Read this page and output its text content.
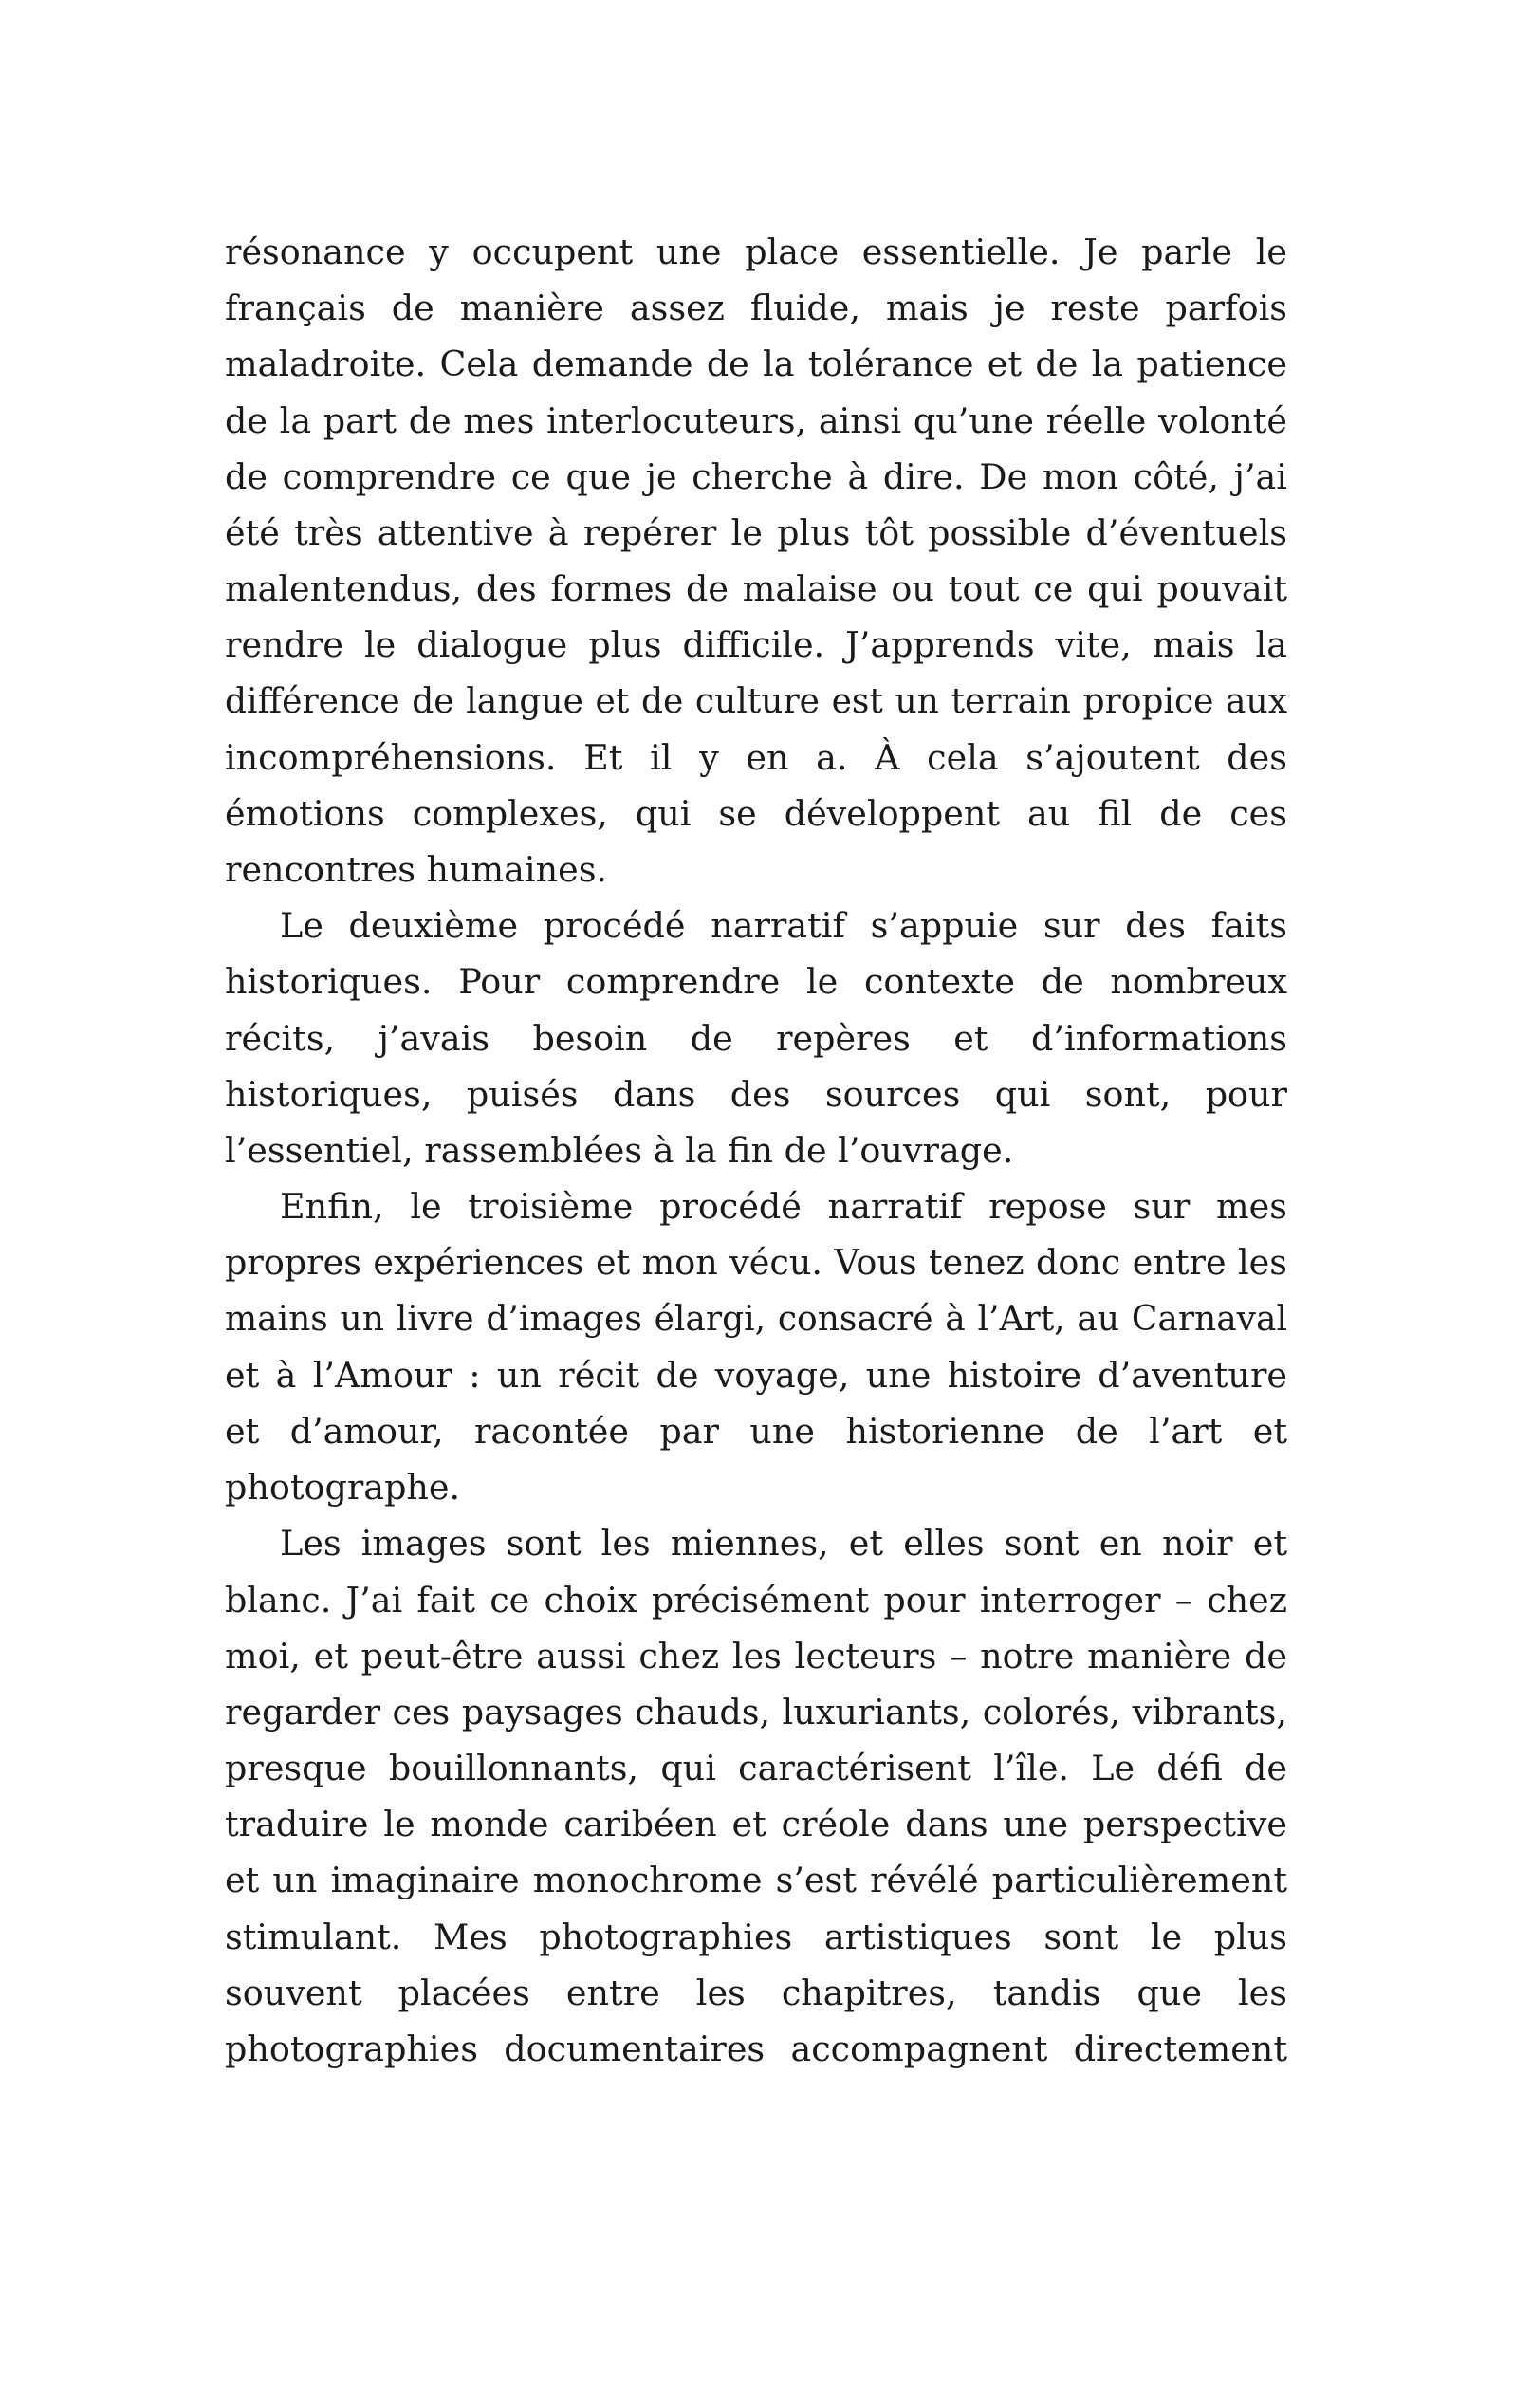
résonance y occupent une place essentielle. Je parle le
français de manière assez fluide, mais je reste parfois
maladroite. Cela demande de la tolérance et de la patience
de la part de mes interlocuteurs, ainsi qu’une réelle volonté
de comprendre ce que je cherche à dire. De mon côté, j’ai
été très attentive à repérer le plus tôt possible d’éventuels
malentendus, des formes de malaise ou tout ce qui pouvait
rendre le dialogue plus difficile. J’apprends vite, mais la
différence de langue et de culture est un terrain propice aux
incompréhensions. Et il y en a. À cela s’ajoutent des
émotions complexes, qui se développent au fil de ces
rencontres humaines.
Le deuxième procédé narratif s’appuie sur des faits
historiques. Pour comprendre le contexte de nombreux
récits, j’avais besoin de repères et d’informations
historiques, puisés dans des sources qui sont, pour
l’essentiel, rassemblées à la fin de l’ouvrage.
Enfin, le troisième procédé narratif repose sur mes
propres expériences et mon vécu. Vous tenez donc entre les
mains un livre d’images élargi, consacré à l’Art, au Carnaval
et à l’Amour : un récit de voyage, une histoire d’aventure
et d’amour, racontée par une historienne de l’art et
photographe.
Les images sont les miennes, et elles sont en noir et
blanc. J’ai fait ce choix précisément pour interroger – chez
moi, et peut-être aussi chez les lecteurs – notre manière de
regarder ces paysages chauds, luxuriants, colorés, vibrants,
presque bouillonnants, qui caractérisent l’île. Le défi de
traduire le monde caribéen et créole dans une perspective
et un imaginaire monochrome s’est révélé particulièrement
stimulant. Mes photographies artistiques sont le plus
souvent placées entre les chapitres, tandis que les
photographies documentaires accompagnent directement
